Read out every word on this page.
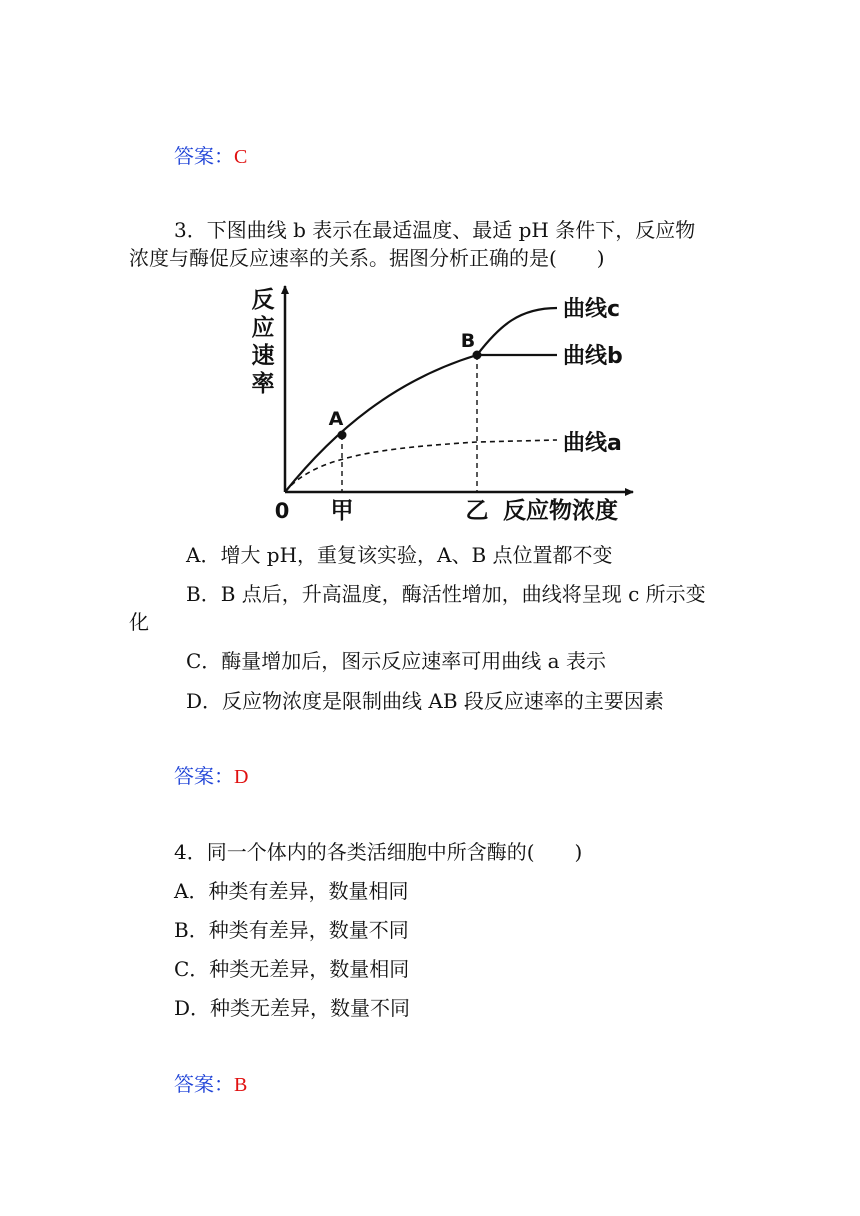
答案：C
3．下图曲线 b 表示在最适温度、最适 pH 条件下，反应物
浓度与酶促反应速率的关系。据图分析正确的是(　　)
反
应
速
率
A
B
曲线c
曲线b
曲线a
0 甲	乙 反应物浓度
A．增大 pH，重复该实验，A、B 点位置都不变
B．B 点后，升高温度，酶活性增加，曲线将呈现 c 所示变
化
C．酶量增加后，图示反应速率可用曲线 a 表示
D．反应物浓度是限制曲线 AB 段反应速率的主要因素
答案：D
4．同一个体内的各类活细胞中所含酶的(　　)
A．种类有差异，数量相同
B．种类有差异，数量不同
C．种类无差异，数量相同
D．种类无差异，数量不同
答案：B
